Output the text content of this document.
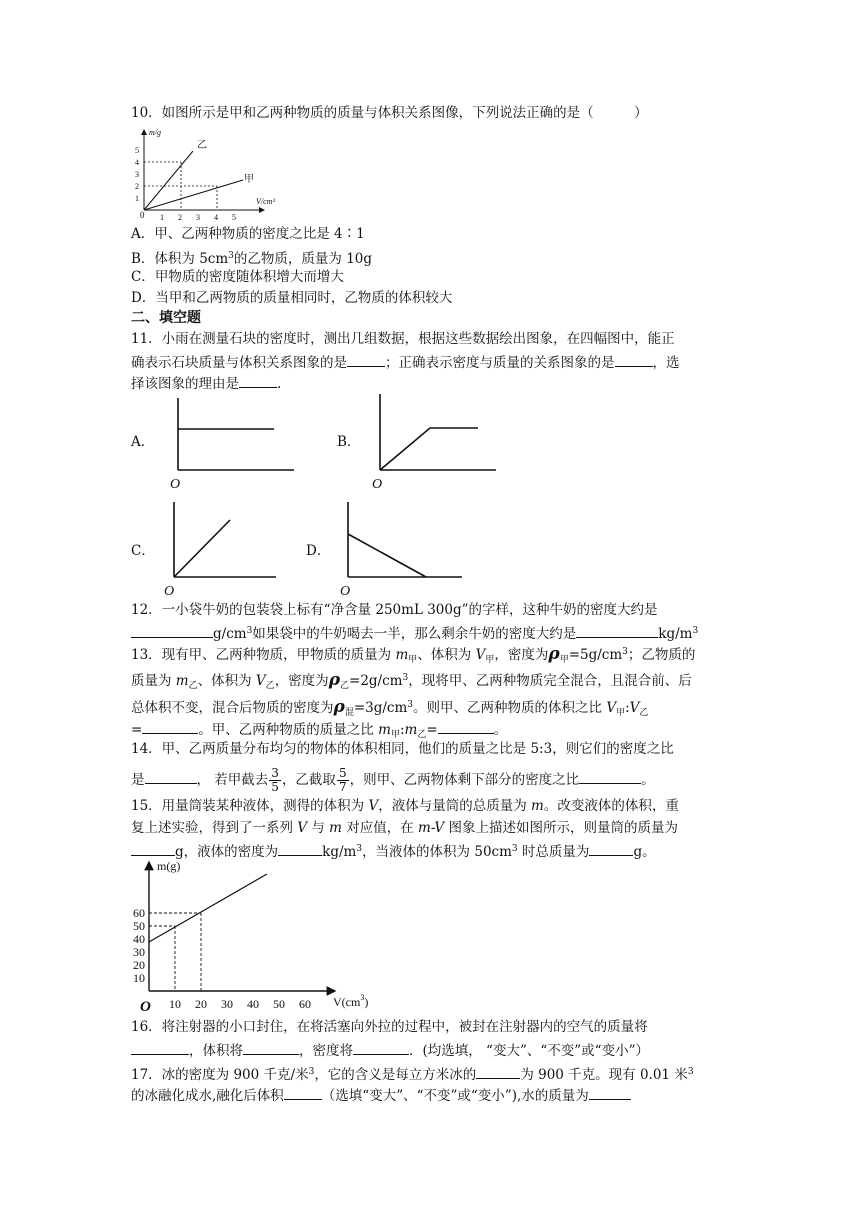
10．如图所示是甲和乙两种物质的质量与体积关系图像，下列说法正确的是（　　　）
m/g
V/cm³
0
1
2
3
4
5
1 2 3 4 5
乙
甲
A．甲、乙两种物质的密度之比是 4∶1
B．体积为 $5cm^3$的乙物质，质量为 10g
C．甲物质的密度随体积增大而增大
D．当甲和乙两物质的质量相同时，乙物质的体积较大
二、填空题
11．小雨在测量石块的密度时，测出几组数据，根据这些数据绘出图象，在四幅图中，能正
确表示石块质量与体积关系图象的是	；正确表示密度与质量的关系图象的是	，选
择该图象的理由是	.
A．
O
B．
O
C．
O
D．
O
12．一小袋牛奶的包装袋上标有“净含量 250mL 300g”的字样，这种牛奶的密度大约是
$g/cm^3$如果袋中的牛奶喝去一半，那么剩余牛奶的密度大约是	$kg/m^3$
13．现有甲、乙两种物质，甲物质的质量为 $m_甲$、体积为 $V_甲$，密度为$\rho_甲=5g/cm^3$；乙物质的
质量为 $m_乙$、体积为 $V_乙$，密度为$\rho_乙=2g/cm^3$，现将甲、乙两种物质完全混合，且混合前、后
总体积不变，混合后物质的密度为$\rho_混=3g/cm^3$。则甲、乙两种物质的体积之比 $V_甲:V_乙$
=	。甲、乙两种物质的质量之比 $m_甲:m_乙=$	。
14．甲、乙两质量分布均匀的物体的体积相同，他们的质量之比是 5:3，则它们的密度之比
是	， 若甲截去 $\frac{3}{5}$ ，乙截取 $\frac{5}{7}$ ，则甲、乙两物体剩下部分的密度之比	。
15．用量筒装某种液体，测得的体积为 V，液体与量筒的总质量为 m。改变液体的体积，重
复上述实验，得到了一系列 V 与 m 对应值，在 m-V 图象上描述如图所示，则量筒的质量为
g，液体的密度为	$kg/m^3$，当液体的体积为 $50cm^3$ 时总质量为	g。
m(g)
$V(cm^3)$
O
10
20
30
40
50
60
10 20 30 40 50 60
16．将注射器的小口封住，在将活塞向外拉的过程中，被封在注射器内的空气的质量将
，体积将	，密度将	．(均选填， “变大”、“不变”或“变小”）
17．冰的密度为 900 千克/米$^3$，它的含义是每立方米冰的	为 900 千克。现有 0.01 米$^3$
的冰融化成水,融化后体积	（选填“变大”、“不变”或“变小”),水的质量为
